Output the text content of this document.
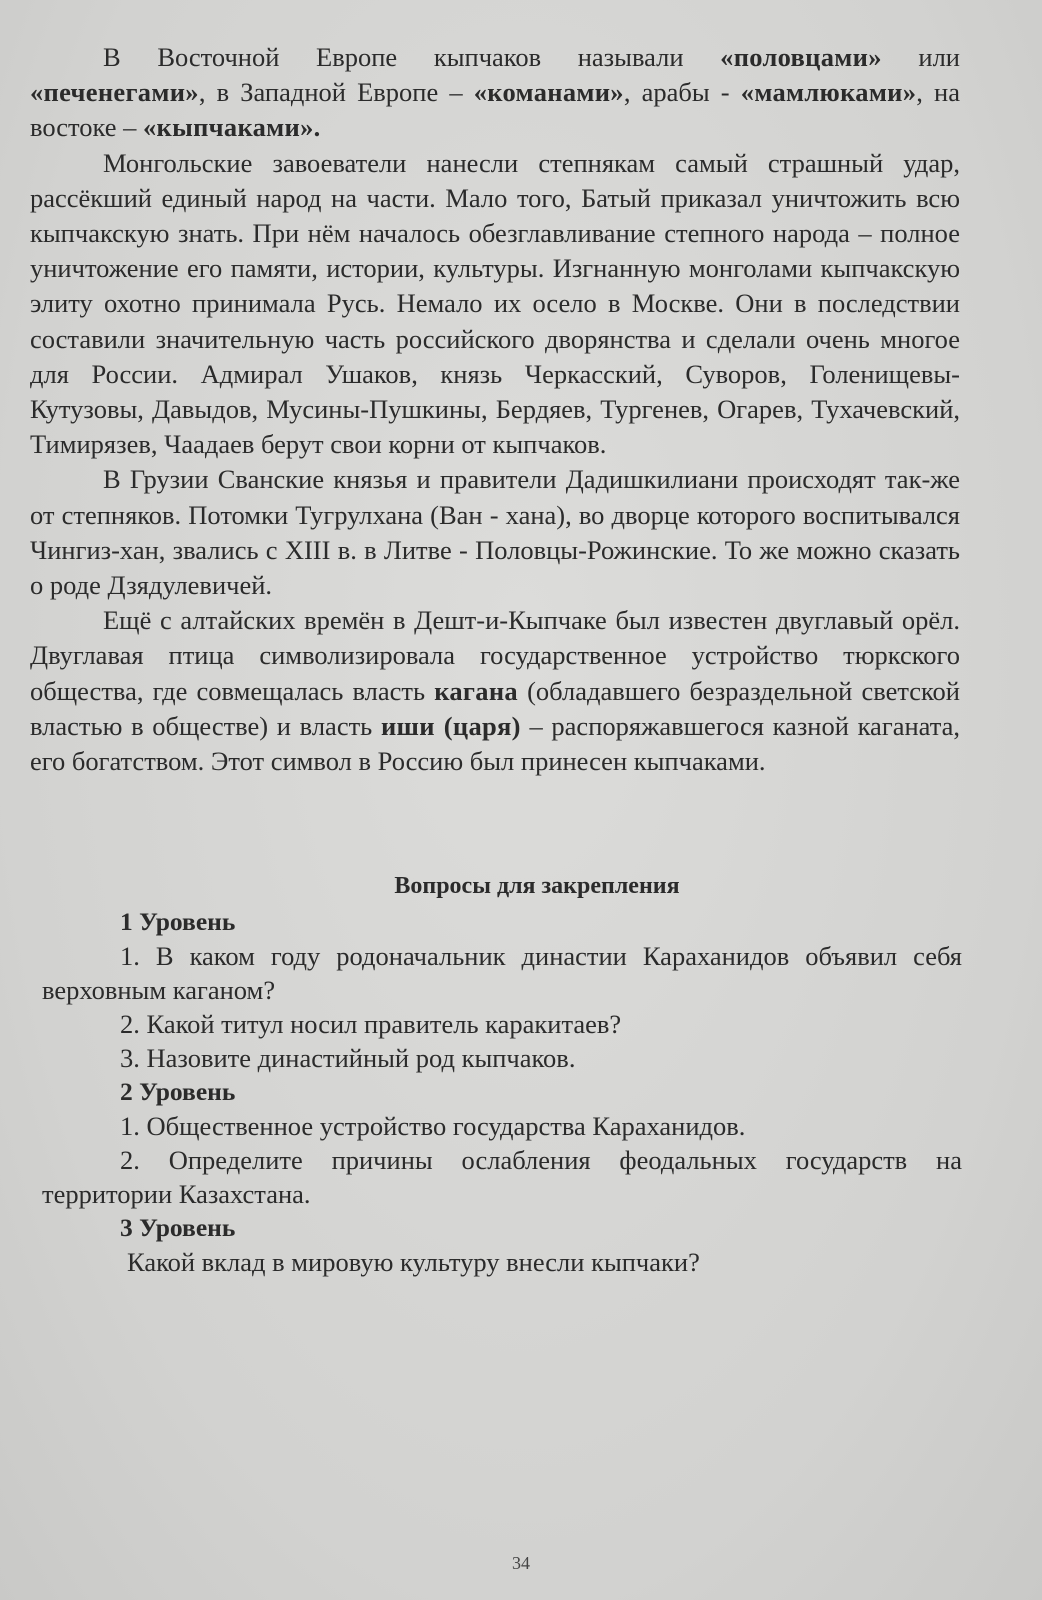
В Восточной Европе кыпчаков называли «половцами» или «печенегами», в Западной Европе – «команами», арабы - «мамлюками», на востоке – «кыпчаками».

Монгольские завоеватели нанесли степнякам самый страшный удар, рассёкший единый народ на части. Мало того, Батый приказал уничтожить всю кыпчакскую знать. При нём началось обезглавливание степного народа – полное уничтожение его памяти, истории, культуры. Изгнанную монголами кыпчакскую элиту охотно принимала Русь. Немало их осело в Москве. Они в последствии составили значительную часть российского дворянства и сделали очень многое для России. Адмирал Ушаков, князь Черкасский, Суворов, Голенищевы-Кутузовы, Давыдов, Мусины-Пушкины, Бердяев, Тургенев, Огарев, Тухачевский, Тимирязев, Чаадаев берут свои корни от кыпчаков.

В Грузии Сванские князья и правители Дадишкилиани происходят так-же от степняков. Потомки Тугрулхана (Ван - хана), во дворце которого воспитывался Чингиз-хан, звались с XIII в. в Литве - Половцы-Рожинские. То же можно сказать о роде Дзядулевичей.

Ещё с алтайских времён в Дешт-и-Кыпчаке был известен двуглавый орёл. Двуглавая птица символизировала государственное устройство тюркского общества, где совмещалась власть кагана (обладавшего безраздельной светской властью в обществе) и власть иши (царя) – распоряжавшегося казной каганата, его богатством. Этот символ в Россию был принесен кыпчаками.

Вопросы для закрепления
1 Уровень

1. В каком году родоначальник династии Караханидов объявил себя верховным каганом?

2. Какой титул носил правитель каракитаев?

3. Назовите династийный род кыпчаков.

2 Уровень

1. Общественное устройство государства Караханидов.

2. Определите причины ослабления феодальных государств на территории Казахстана.

3 Уровень

Какой вклад в мировую культуру внесли кыпчаки?

34
